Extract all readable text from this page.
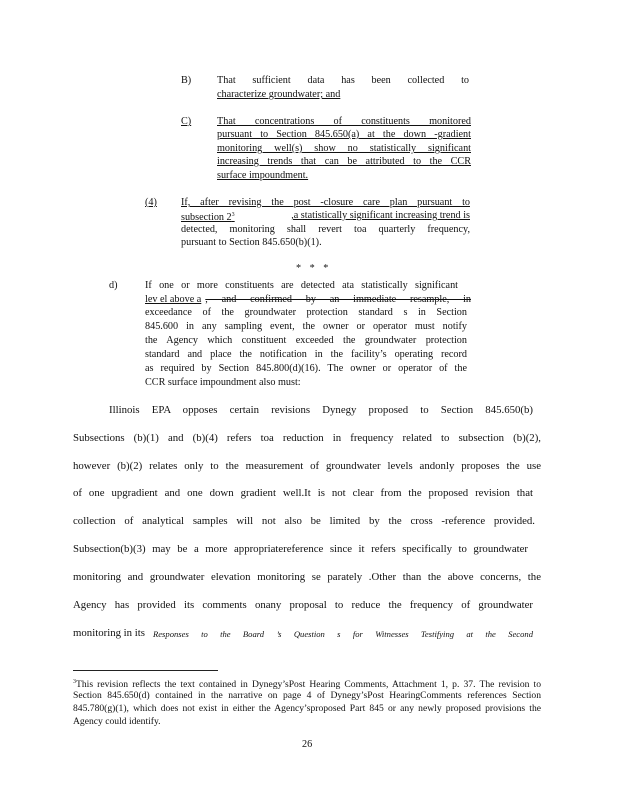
B)	That sufficient data has been collected to
characterize groundwater; and
C)	That concentrations of constituents monitored
pursuant to Section 845.650(a) at the down -gradient
monitoring well(s) show no statistically significant
increasing trends that can be attributed to the CCR
surface impoundment.
(4) If, after revising the post -closure care plan pursuant to
subsection $2^3$	,a statistically significant increasing trend is
detected, monitoring shall revert toa quarterly frequency,
pursuant to Section 845.650(b)(1).
* * *
d)	If one or more constituents are detected ata statistically significant
lev el above a , and confirmed by an immediate resample, in
exceedance of the groundwater protection standard s in Section
845.600 in any sampling event, the owner or operator must notify
the Agency which constituent exceeded the groundwater protection
standard and place the notification in the facility’s operating record
as required by Section 845.800(d)(16). The owner or operator of the
CCR surface impoundment also must:
Illinois EPA opposes certain revisions Dynegy proposed to Section 845.650(b)
Subsections (b)(1) and (b)(4) refers toa reduction in frequency related to subsection (b)(2),
however (b)(2) relates only to the measurement of groundwater levels andonly proposes the use
of one upgradient and one down gradient well.It is not clear from the proposed revision that
collection of analytical samples will not also be limited by the cross -reference provided.
Subsection(b)(3) may be a more appropriatereference since it refers specifically to groundwater
monitoring and groundwater elevation monitoring se parately .Other than the above concerns, the
Agency has provided its comments onany proposal to reduce the frequency of groundwater
monitoring in its Responses to the Board ’s Question s for Witnesses Testifying at the Second
$^3$This revision reflects the text contained in Dynegy’sPost Hearing Comments, Attachment 1, p. 37. The revision to
Section 845.650(d) contained in the narrative on page 4 of Dynegy’sPost HearingComments references Section
845.780(g)(1), which does not exist in either the Agency’sproposed Part 845 or any newly proposed provisions the
Agency could identify.
26
